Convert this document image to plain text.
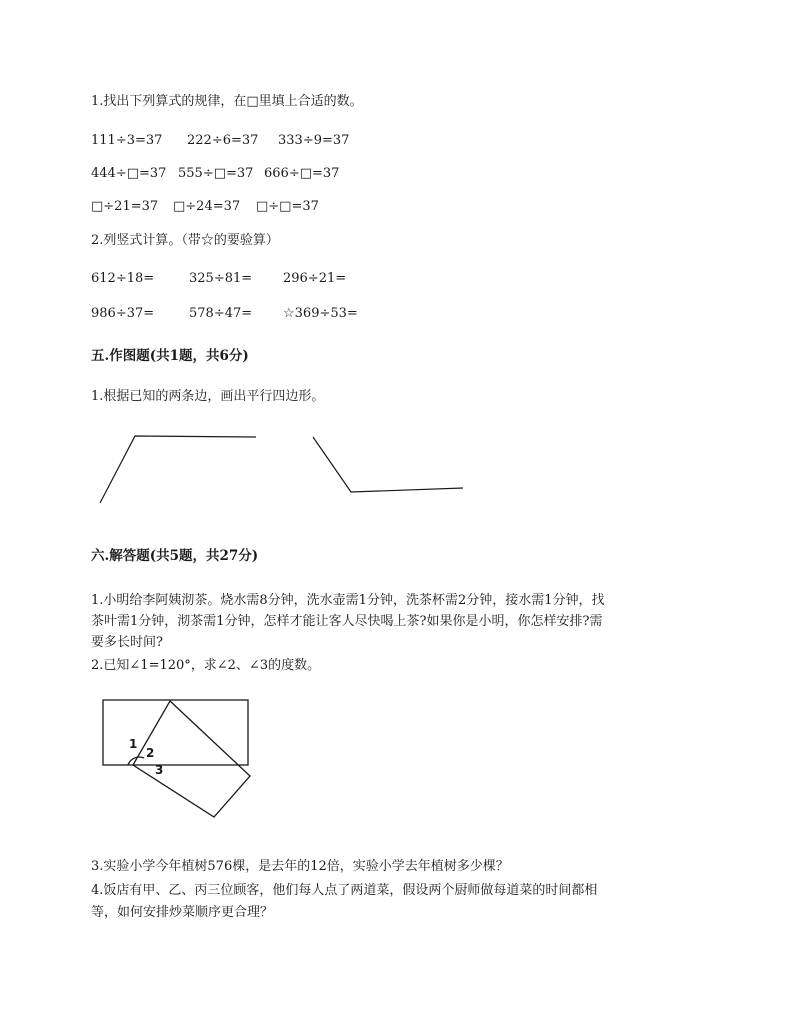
1.找出下列算式的规律，在□里填上合适的数。
111÷3=37 222÷6=37 333÷9=37
444÷□=37 555÷□=37 666÷□=37
□÷21=37 □÷24=37 □÷□=37
2.列竖式计算。（带☆的要验算）
612÷18=	325÷81= 296÷21=
986÷37=	578÷47= ☆369÷53=
五.作图题(共1题，共6分)
1.根据已知的两条边，画出平行四边形。
六.解答题(共5题，共27分)
1.小明给李阿姨沏茶。烧水需8分钟，洗水壶需1分钟，洗茶杯需2分钟，接水需1分钟，找
茶叶需1分钟，沏茶需1分钟，怎样才能让客人尽快喝上茶?如果你是小明，你怎样安排?需
要多长时间?
2.已知∠1=120°，求∠2、∠3的度数。
1
2
3
3.实验小学今年植树576棵，是去年的12倍，实验小学去年植树多少棵？
4.饭店有甲、乙、丙三位顾客，他们每人点了两道菜，假设两个厨师做每道菜的时间都相
等，如何安排炒菜顺序更合理？
